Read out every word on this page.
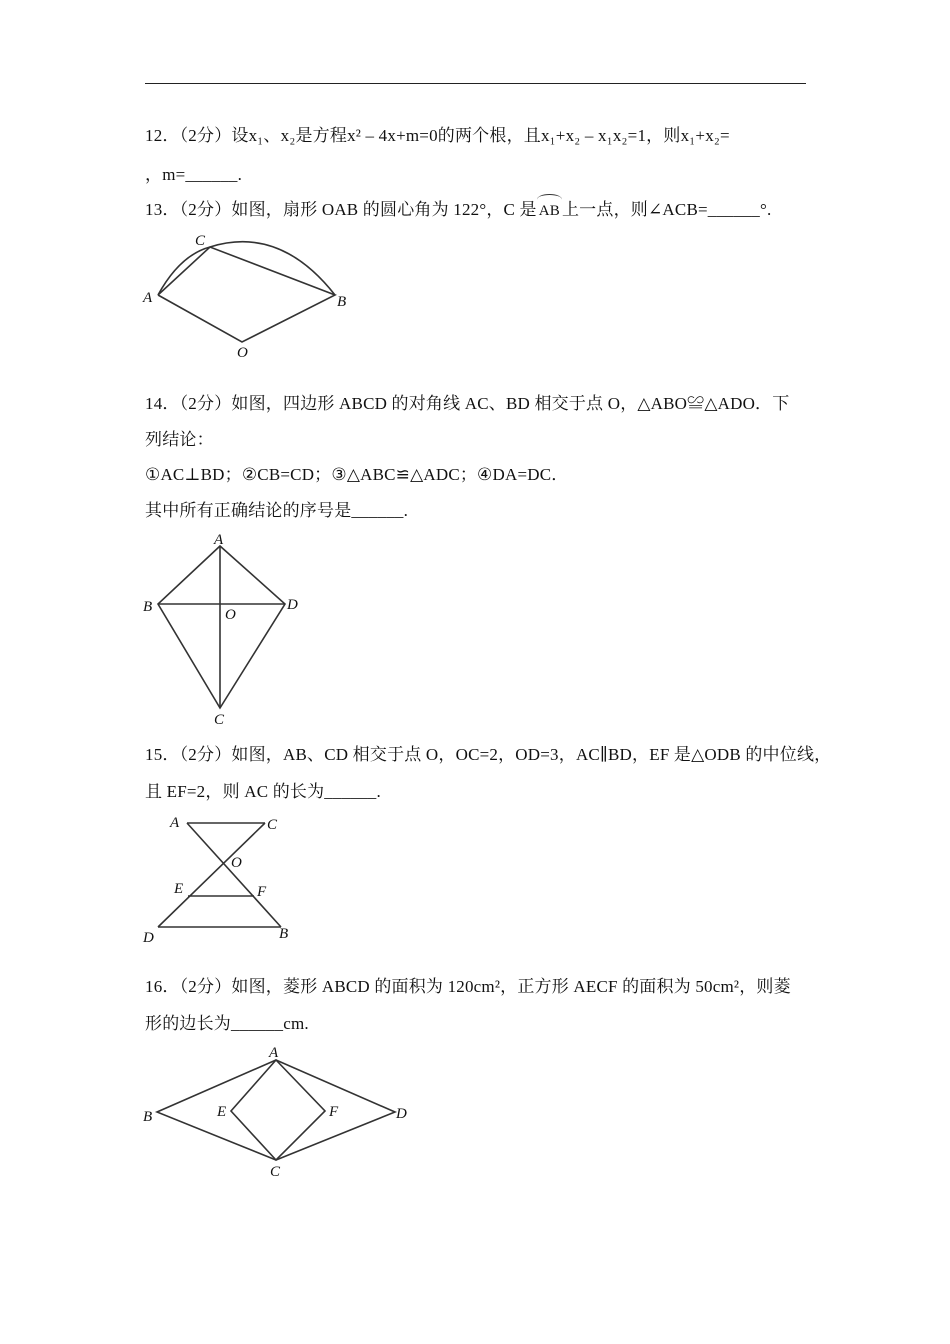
12．（2分）设x₁、x₂是方程x² – 4x+m=0的两个根，且x₁+x₂ – x₁x₂=1，则x₁+x₂=
，m=______.
13．（2分）如图，扇形 OAB 的圆心角为 122°，C 是 AB 上一点，则∠ACB=______°.
C
A	B
O
14．（2分）如图，四边形 ABCD 的对角线 AC、BD 相交于点 O，△ABO≌△ADO．下
列结论：
①AC⊥BD；②CB=CD；③△ABC≌△ADC；④DA=DC．
其中所有正确结论的序号是______.
A
B	D
O
C
15．（2分）如图，AB、CD 相交于点 O，OC=2，OD=3，AC∥BD，EF 是△ODB 的中位线，
且 EF=2，则 AC 的长为______.
A	C
O
E	F
D	B
16．（2分）如图，菱形 ABCD 的面积为 120cm²，正方形 AECF 的面积为 50cm²，则菱
形的边长为______cm.
A
B	E	F	D
C
